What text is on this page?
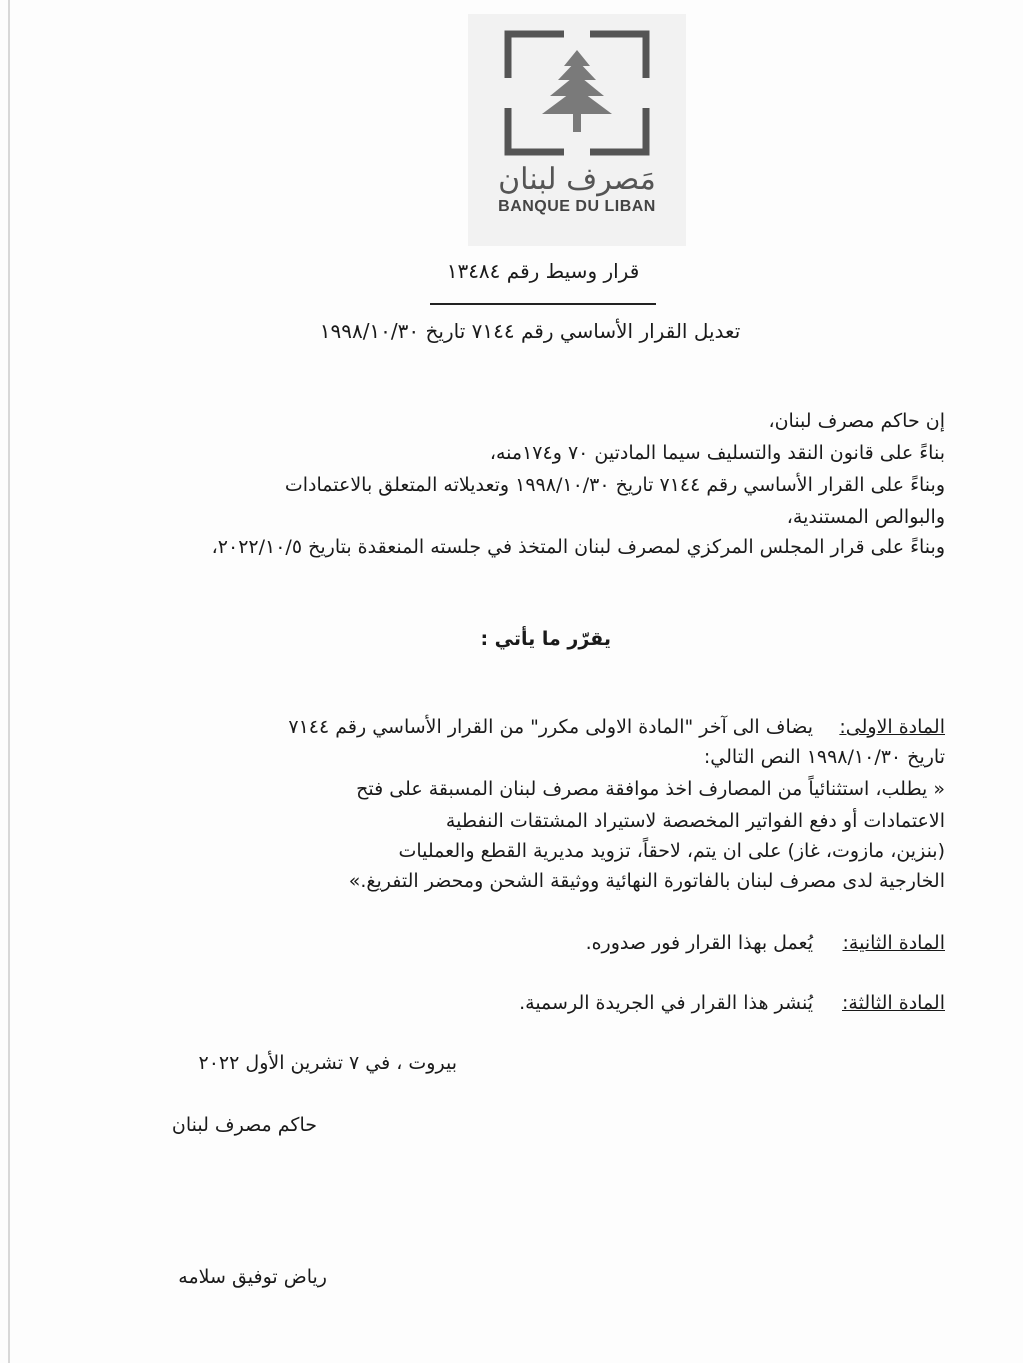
مَصرف لبنان
BANQUE DU LIBAN
قرار وسيط رقم ١٣٤٨٤
تعديل القرار الأساسي رقم ٧١٤٤ تاريخ ١٩٩٨/١٠/٣٠
إن حاكم مصرف لبنان،
بناءً على قانون النقد والتسليف سيما المادتين ٧٠ و١٧٤منه،
وبناءً على القرار الأساسي رقم ٧١٤٤ تاريخ ١٩٩٨/١٠/٣٠ وتعديلاته المتعلق بالاعتمادات
والبوالص المستندية،
وبناءً على قرار المجلس المركزي لمصرف لبنان المتخذ في جلسته المنعقدة بتاريخ ٢٠٢٢/١٠/٥،
يقرّر ما يأتي :
المادة الاولى:
يضاف الى آخر "المادة الاولى مكرر" من القرار الأساسي رقم ٧١٤٤
تاريخ ١٩٩٨/١٠/٣٠ النص التالي:
« يطلب، استثنائياً من المصارف اخذ موافقة مصرف لبنان المسبقة على فتح
الاعتمادات أو دفع الفواتير المخصصة لاستيراد المشتقات النفطية
(بنزين، مازوت، غاز) على ان يتم، لاحقاً، تزويد مديرية القطع والعمليات
الخارجية لدى مصرف لبنان بالفاتورة النهائية ووثيقة الشحن ومحضر التفريغ.»
المادة الثانية:
يُعمل بهذا القرار فور صدوره.
المادة الثالثة:
يُنشر هذا القرار في الجريدة الرسمية.
بيروت ، في ٧ تشرين الأول ٢٠٢٢
حاكم مصرف لبنان
رياض توفيق سلامه
